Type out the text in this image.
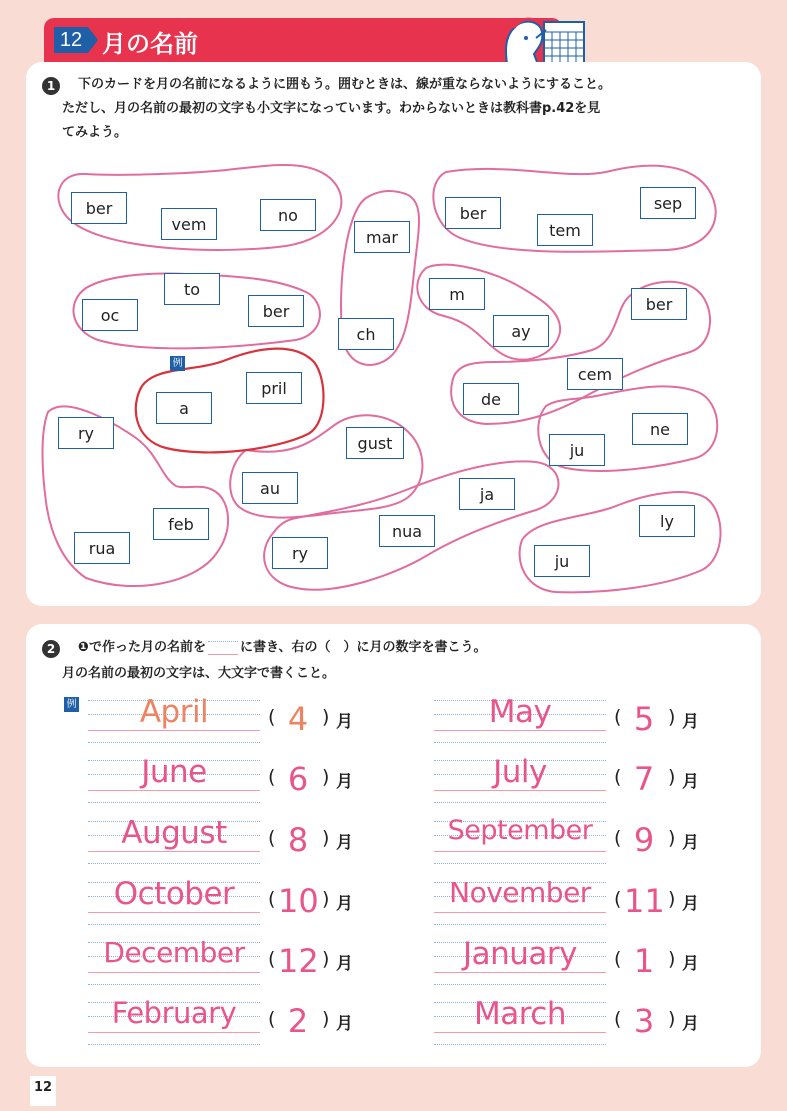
12 月の名前
1	下のカードを月の名前になるように囲もう。囲むときは、線が重ならないようにすること。
ただし、月の名前の最初の文字も小文字になっています。わからないときは教科書p.42を見
てみよう。
例
ber
vem	no
mar
ber
tem
sep
to
oc	ber
m
ay
ch
pril
a
ber
cem
de
ry
gust
ne
ju
au	ja
feb	nua
ly
rua	ry	ju
2	❶で作った月の名前を	に書き、右の（　）に月の数字を書こう。
月の名前の最初の文字は、大文字で書くこと。
例	April	( 4 ) 月	May	( 5 ) 月
June	( 6 ) 月	July	( 7 ) 月
August	( 8 ) 月	September	( 9 ) 月
October	( 10 ) 月	November	( 11 ) 月
December	( 12 ) 月	January	( 1 ) 月
February	( 2 ) 月	March	( 3 ) 月
12
